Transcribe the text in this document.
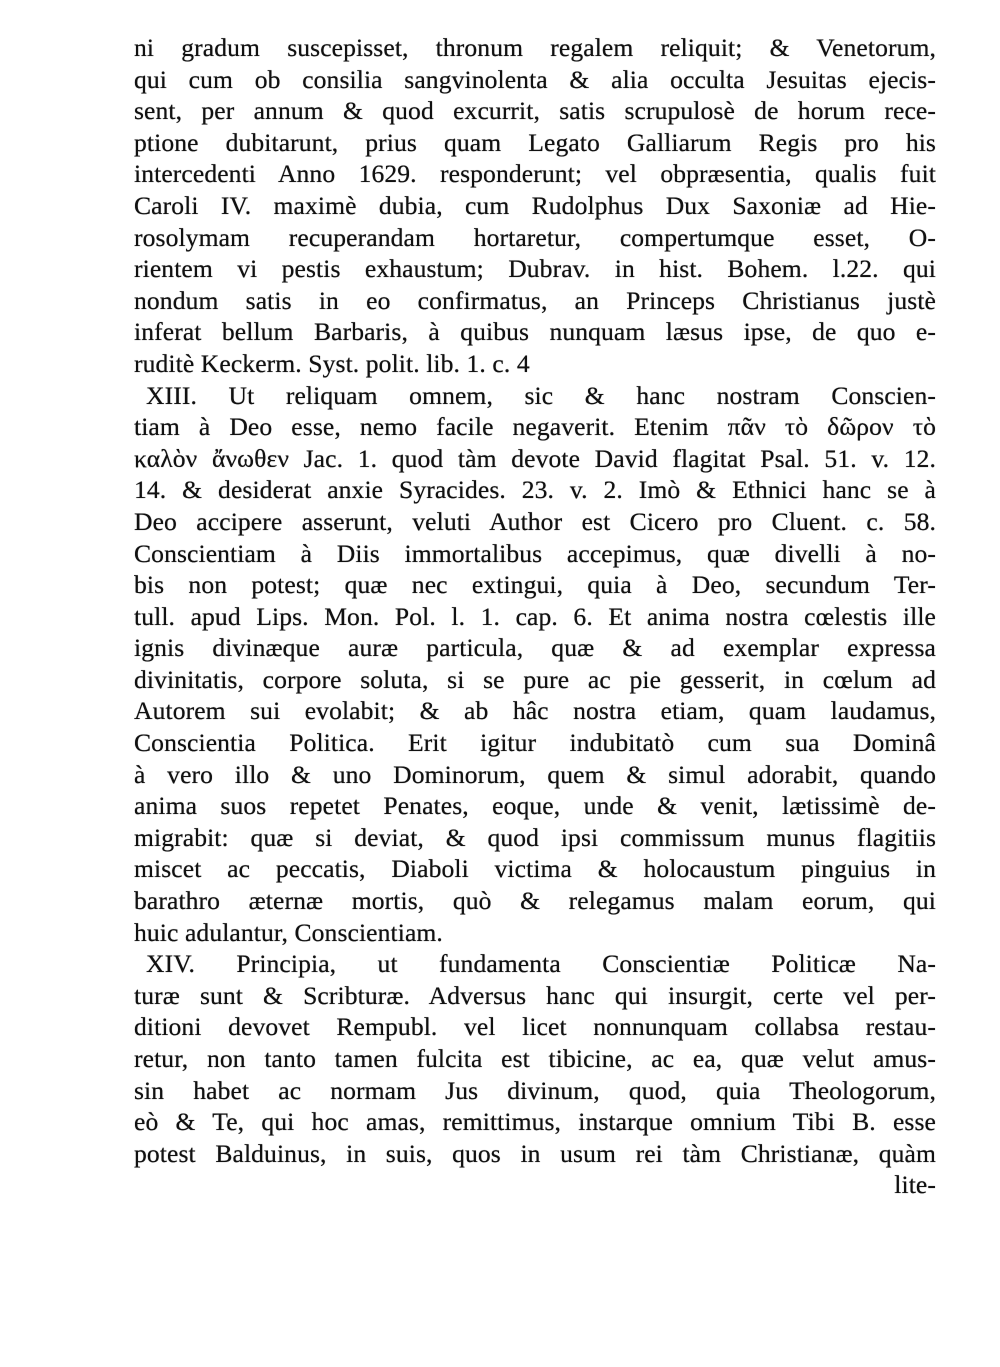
ni gradum suscepisset, thronum regalem reliquit; & Venetorum,
qui cum ob consilia sangvinolenta & alia occulta Jesuitas ejecis-
sent, per annum & quod excurrit, satis scrupulosè de horum rece-
ptione dubitarunt, prius quam Legato Galliarum Regis pro his
intercedenti Anno 1629. responderunt; vel obpræsentia, qualis fuit
Caroli IV. maximè dubia, cum Rudolphus Dux Saxoniæ ad Hie-
rosolymam recuperandam hortaretur, compertumque esset, O-
rientem vi pestis exhaustum; Dubrav. in hist. Bohem. l.22. qui
nondum satis in eo confirmatus, an Princeps Christianus justè
inferat bellum Barbaris, à quibus nunquam læsus ipse, de quo e-
ruditè Keckerm. Syst. polit. lib. 1. c. 4
XIII. Ut reliquam omnem, sic & hanc nostram Conscien-
tiam à Deo esse, nemo facile negaverit. Etenim πᾶν τὸ δῶρον τὸ
καλὸν ἄνωθεν Jac. 1. quod tàm devote David flagitat Psal. 51. v. 12.
14. & desiderat anxie Syracides. 23. v. 2. Imò & Ethnici hanc se à
Deo accipere asserunt, veluti Author est Cicero pro Cluent. c. 58.
Conscientiam à Diis immortalibus accepimus, quæ divelli à no-
bis non potest; quæ nec extingui, quia à Deo, secundum Ter-
tull. apud Lips. Mon. Pol. l. 1. cap. 6. Et anima nostra cœlestis ille
ignis divinæque auræ particula, quæ & ad exemplar expressa
divinitatis, corpore soluta, si se pure ac pie gesserit, in cœlum ad
Autorem sui evolabit; & ab hâc nostra etiam, quam laudamus,
Conscientia Politica. Erit igitur indubitatò cum sua Dominâ
à vero illo & uno Dominorum, quem & simul adorabit, quando
anima suos repetet Penates, eoque, unde & venit, lætissimè de-
migrabit: quæ si deviat, & quod ipsi commissum munus flagitiis
miscet ac peccatis, Diaboli victima & holocaustum pinguius in
barathro æternæ mortis, quò & relegamus malam eorum, qui
huic adulantur, Conscientiam.
XIV. Principia, ut fundamenta Conscientiæ Politicæ Na-
turæ sunt & Scribturæ. Adversus hanc qui insurgit, certe vel per-
ditioni devovet Rempubl. vel licet nonnunquam collabsa restau-
retur, non tanto tamen fulcita est tibicine, ac ea, quæ velut amus-
sin habet ac normam Jus divinum, quod, quia Theologorum,
eò & Te, qui hoc amas, remittimus, instarque omnium Tibi B. esse
potest Balduinus, in suis, quos in usum rei tàm Christianæ, quàm
lite-
